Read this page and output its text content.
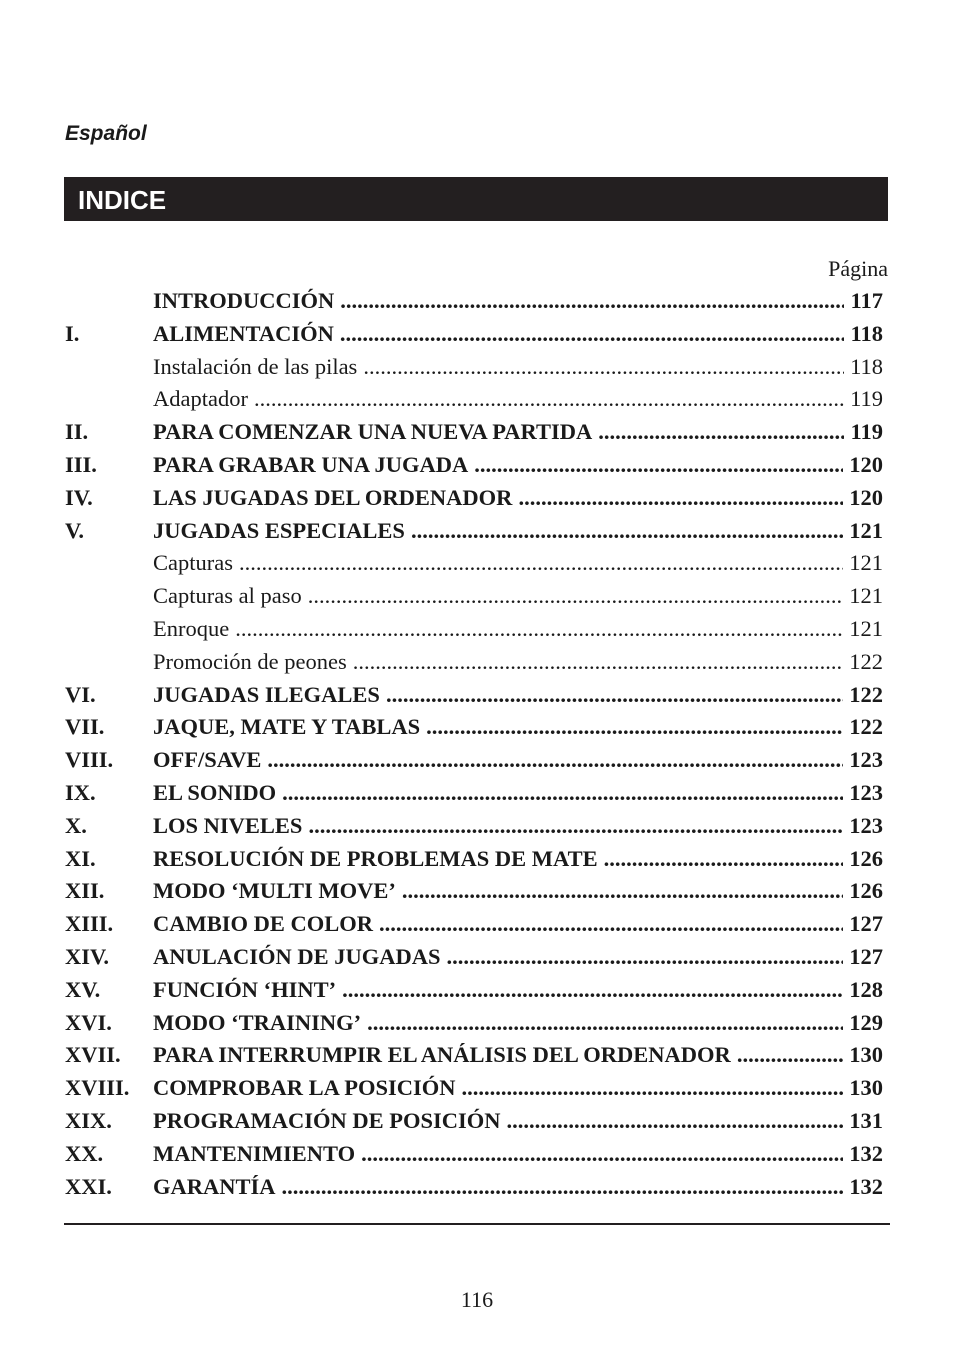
Español
INDICE
Página
INTRODUCCIÓN .....	117
I.	ALIMENTACIÓN .....	118
Instalación de las pilas .....	118
Adaptador .....	119
II.	PARA COMENZAR UNA NUEVA PARTIDA .....	119
III. PARA GRABAR UNA JUGADA .....	120
IV.	LAS JUGADAS DEL ORDENADOR .....	120
V.	JUGADAS ESPECIALES .....	121
Capturas .....	121
Capturas al paso .....	121
Enroque .....	121
Promoción de peones .....	122
VI.	JUGADAS ILEGALES .....	122
VII. JAQUE, MATE Y TABLAS .....	122
VIII. OFF/SAVE .....	123
IX.	EL SONIDO .....	123
X.	LOS NIVELES .....	123
XI.	RESOLUCIÓN DE PROBLEMAS DE MATE .....	126
XII. MODO ‘MULTI MOVE’ .....	126
XIII. CAMBIO DE COLOR .....	127
XIV. ANULACIÓN DE JUGADAS .....	127
XV. FUNCIÓN ‘HINT’ .....	128
XVI. MODO ‘TRAINING’ .....	129
XVII. PARA INTERRUMPIR EL ANÁLISIS DEL ORDENADOR .....	130
XVIII. COMPROBAR LA POSICIÓN .....	130
XIX. PROGRAMACIÓN DE POSICIÓN .....	131
XX. MANTENIMIENTO .....	132
XXI. GARANTÍA .....	132
116
